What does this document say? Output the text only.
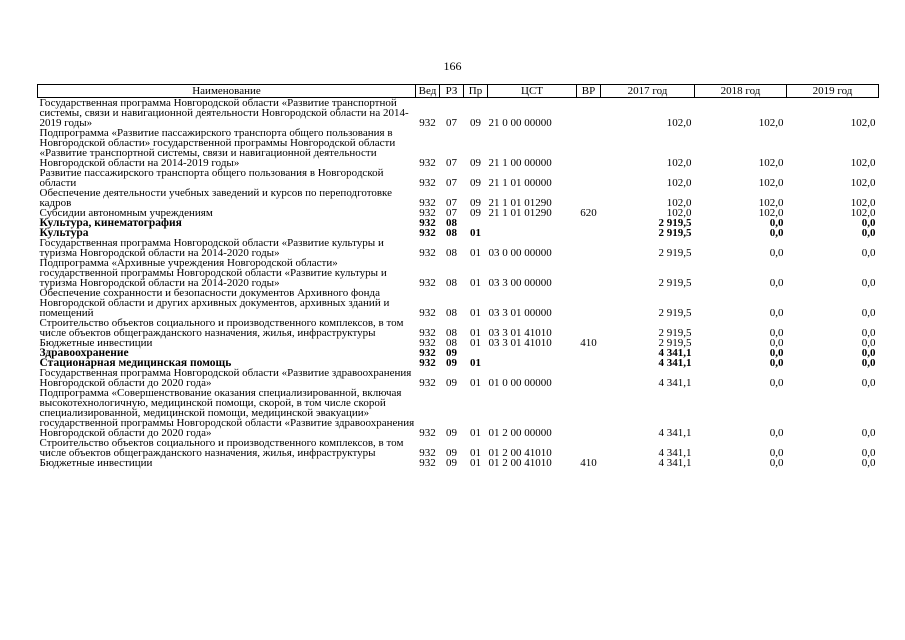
166
Наименование	Вед	РЗ	Пр	ЦСТ	ВР	2017 год	2018 год	2019 год
Государственная программа Новгородской области «Развитие транспортной системы, связи и навигационной деятельности Новгородской области на 2014-2019 годы»	932	07	09	21 0 00 00000		102,0	102,0	102,0
Подпрограмма «Развитие пассажирского транспорта общего пользования в Новгородской области» государственной программы Новгородской области «Развитие транспортной системы, связи и навигационной деятельности Новгородской области на 2014-2019 годы»	932	07	09	21 1 00 00000		102,0	102,0	102,0
Развитие пассажирского транспорта общего пользования в Новгородской области	932	07	09	21 1 01 00000		102,0	102,0	102,0
Обеспечение деятельности учебных заведений и курсов по переподготовке кадров	932	07	09	21 1 01 01290		102,0	102,0	102,0
Субсидии автономным учреждениям	932	07	09	21 1 01 01290	620	102,0	102,0	102,0
Культура, кинематография	932	08				2 919,5	0,0	0,0
Культура	932	08	01			2 919,5	0,0	0,0
Государственная программа Новгородской области «Развитие культуры и туризма Новгородской области на 2014-2020 годы»	932	08	01	03 0 00 00000		2 919,5	0,0	0,0
Подпрограмма «Архивные учреждения Новгородской области» государственной программы Новгородской области «Развитие культуры и туризма Новгородской области на 2014-2020 годы»	932	08	01	03 3 00 00000		2 919,5	0,0	0,0
Обеспечение сохранности и безопасности документов Архивного фонда Новгородской области и других архивных документов, архивных зданий и помещений	932	08	01	03 3 01 00000		2 919,5	0,0	0,0
Строительство объектов социального и производственного комплексов, в том числе объектов общегражданского назначения, жилья, инфраструктуры	932	08	01	03 3 01 41010		2 919,5	0,0	0,0
Бюджетные инвестиции	932	08	01	03 3 01 41010	410	2 919,5	0,0	0,0
Здравоохранение	932	09				4 341,1	0,0	0,0
Стационарная медицинская помощь	932	09	01			4 341,1	0,0	0,0
Государственная программа Новгородской области «Развитие здравоохранения Новгородской области до 2020 года»	932	09	01	01 0 00 00000		4 341,1	0,0	0,0
Подпрограмма «Совершенствование оказания специализированной, включая высокотехнологичную, медицинской помощи, скорой, в том числе скорой специализированной, медицинской помощи, медицинской эвакуации» государственной программы Новгородской области «Развитие здравоохранения Новгородской области до 2020 года»	932	09	01	01 2 00 00000		4 341,1	0,0	0,0
Строительство объектов социального и производственного комплексов, в том числе объектов общегражданского назначения, жилья, инфраструктуры	932	09	01	01 2 00 41010		4 341,1	0,0	0,0
Бюджетные инвестиции	932	09	01	01 2 00 41010	410	4 341,1	0,0	0,0
